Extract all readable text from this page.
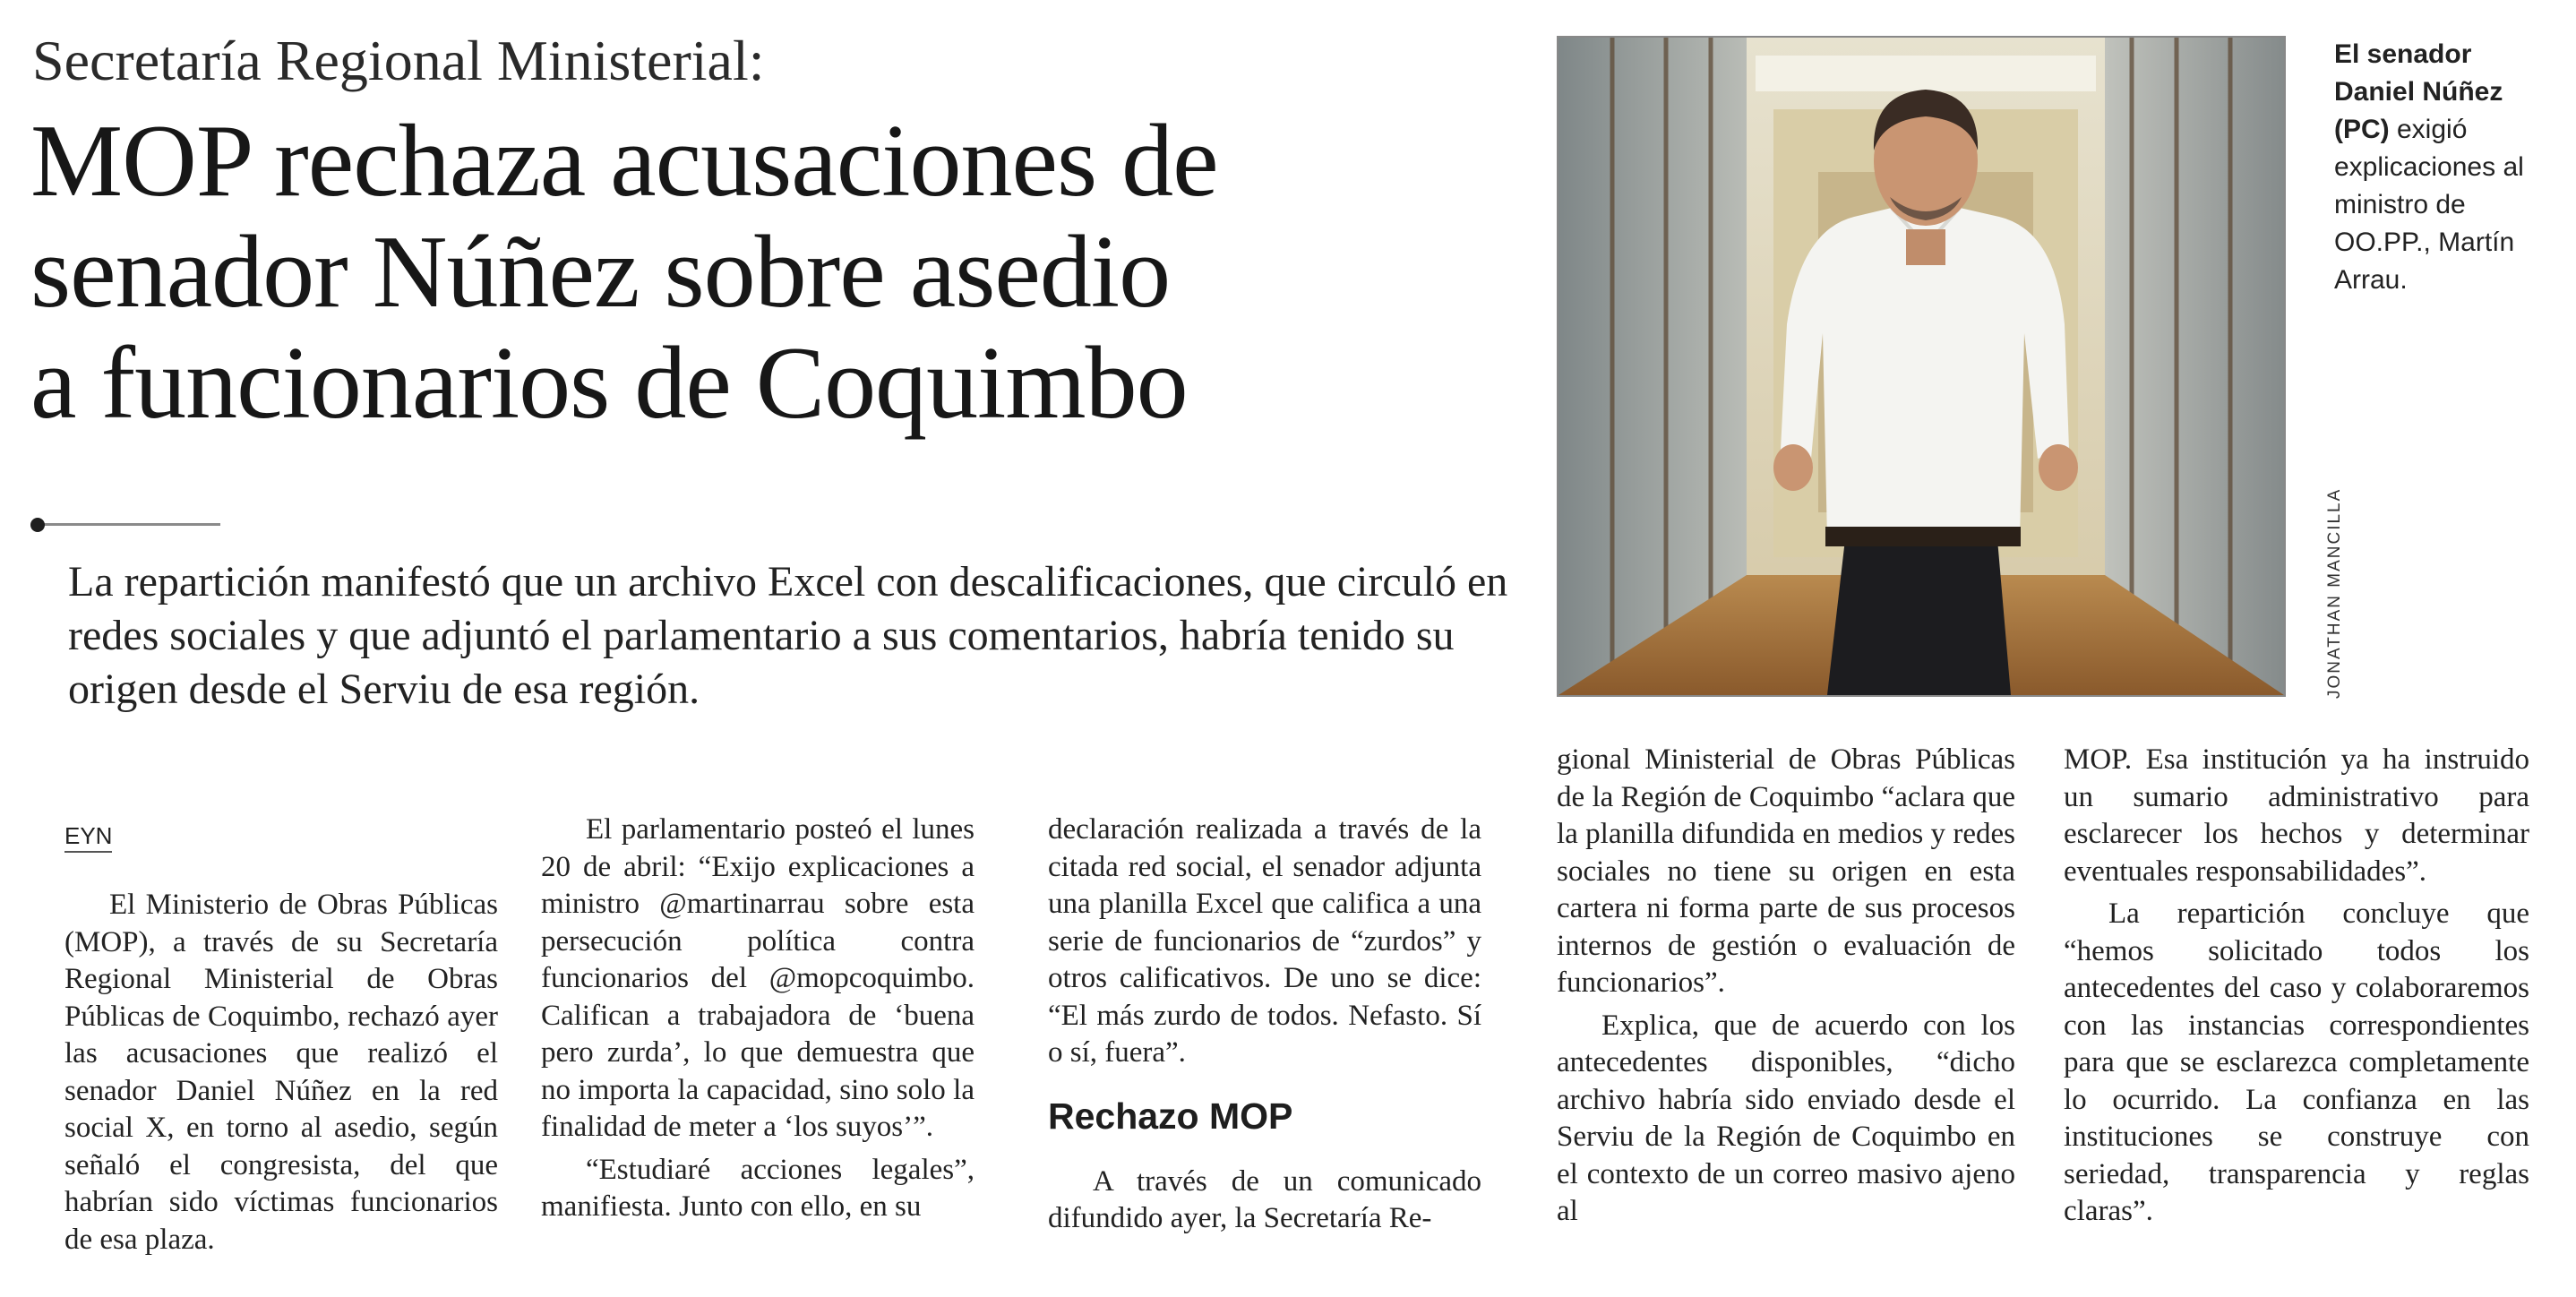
Secretaría Regional Ministerial:
MOP rechaza acusaciones de
senador Núñez sobre asedio
a funcionarios de Coquimbo
La repartición manifestó que un archivo Excel con descalificaciones, que circuló en redes sociales y que adjuntó el parlamentario a sus comentarios, habría tenido su origen desde el Serviu de esa región.
EYN

El Ministerio de Obras Públicas (MOP), a través de su Secretaría Regional Ministerial de Obras Públicas de Coquimbo, rechazó ayer las acusaciones que realizó el senador Daniel Núñez en la red social X, en torno al asedio, según señaló el congresista, del que habrían sido víctimas funcionarios de esa plaza.

El parlamentario posteó el lunes 20 de abril: “Exijo explicaciones a ministro @martinarrau sobre esta persecución política contra funcionarios del @mopcoquimbo. Califican a trabajadora de ‘buena pero zurda’, lo que demuestra que no importa la capacidad, sino solo la finalidad de meter a ‘los suyos’”.

“Estudiaré acciones legales”, manifiesta. Junto con ello, en su

declaración realizada a través de la citada red social, el senador adjunta una planilla Excel que califica a una serie de funcionarios de “zurdos” y otros calificativos. De uno se dice: “El más zurdo de todos. Nefasto. Sí o sí, fuera”.

Rechazo MOP

A través de un comunicado difundido ayer, la Secretaría Re-

gional Ministerial de Obras Públicas de la Región de Coquimbo “aclara que la planilla difundida en medios y redes sociales no tiene su origen en esta cartera ni forma parte de sus procesos internos de gestión o evaluación de funcionarios”.

Explica, que de acuerdo con los antecedentes disponibles, “dicho archivo habría sido enviado desde el Serviu de la Región de Coquimbo en el contexto de un correo masivo ajeno al

MOP. Esa institución ya ha instruido un sumario administrativo para esclarecer los hechos y determinar eventuales responsabilidades”.

La repartición concluye que “hemos solicitado todos los antecedentes del caso y colaboraremos con las instancias correspondientes para que se esclarezca completamente lo ocurrido. La confianza en las instituciones se construye con seriedad, transparencia y reglas claras”.

JONATHAN MANCILLA
El senador Daniel Núñez (PC) exigió explicaciones al ministro de OO.PP., Martín Arrau.
